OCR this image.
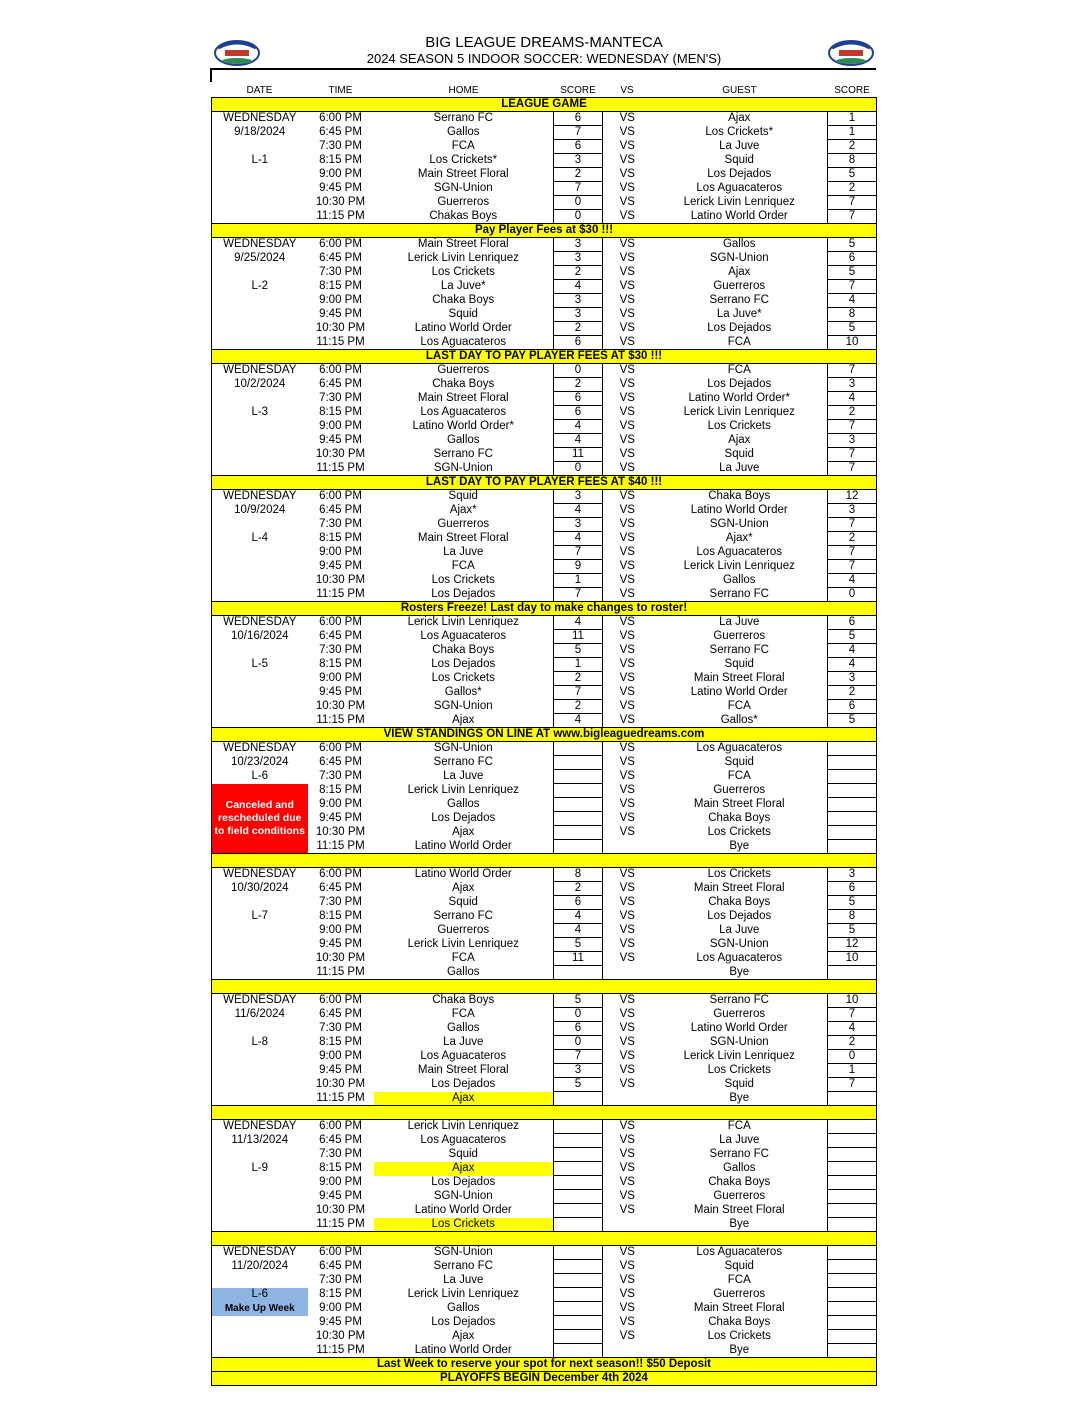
BIG LEAGUE DREAMS-MANTECA
2024 SEASON 5 INDOOR SOCCER: WEDNESDAY (MEN'S)
DATE	TIME	HOME	SCORE	VS	GUEST	SCORE
LEAGUE GAME						
WEDNESDAY	6:00 PM	Serrano FC	6	VS	Ajax	1
9/18/2024	6:45 PM	Gallos	7	VS	Los Crickets*	1
	7:30 PM	FCA	6	VS	La Juve	2
L-1	8:15 PM	Los Crickets*	3	VS	Squid	8
	9:00 PM	Main Street Floral	2	VS	Los Dejados	5
	9:45 PM	SGN-Union	7	VS	Los Aguacateros	2
	10:30 PM	Guerreros	0	VS	Lerick Livin Lenriquez	7
	11:15 PM	Chakas Boys	0	VS	Latino World Order	7
Pay Player Fees at $30 !!!						
WEDNESDAY	6:00 PM	Main Street Floral	3	VS	Gallos	5
9/25/2024	6:45 PM	Lerick Livin Lenriquez	3	VS	SGN-Union	6
	7:30 PM	Los Crickets	2	VS	Ajax	5
L-2	8:15 PM	La Juve*	4	VS	Guerreros	7
	9:00 PM	Chaka Boys	3	VS	Serrano FC	4
	9:45 PM	Squid	3	VS	La Juve*	8
	10:30 PM	Latino World Order	2	VS	Los Dejados	5
	11:15 PM	Los Aguacateros	6	VS	FCA	10
LAST DAY TO PAY PLAYER FEES AT $30 !!!						
WEDNESDAY	6:00 PM	Guerreros	0	VS	FCA	7
10/2/2024	6:45 PM	Chaka Boys	2	VS	Los Dejados	3
	7:30 PM	Main Street Floral	6	VS	Latino World Order*	4
L-3	8:15 PM	Los Aguacateros	6	VS	Lerick Livin Lenriquez	2
	9:00 PM	Latino World Order*	4	VS	Los Crickets	7
	9:45 PM	Gallos	4	VS	Ajax	3
	10:30 PM	Serrano FC	11	VS	Squid	7
	11:15 PM	SGN-Union	0	VS	La Juve	7
LAST DAY TO PAY PLAYER FEES AT $40 !!!						
WEDNESDAY	6:00 PM	Squid	3	VS	Chaka Boys	12
10/9/2024	6:45 PM	Ajax*	4	VS	Latino World Order	3
	7:30 PM	Guerreros	3	VS	SGN-Union	7
L-4	8:15 PM	Main Street Floral	4	VS	Ajax*	2
	9:00 PM	La Juve	7	VS	Los Aguacateros	7
	9:45 PM	FCA	9	VS	Lerick Livin Lenriquez	7
	10:30 PM	Los Crickets	1	VS	Gallos	4
	11:15 PM	Los Dejados	7	VS	Serrano FC	0
Rosters Freeze! Last day to make changes to roster!						
WEDNESDAY	6:00 PM	Lerick Livin Lenriquez	4	VS	La Juve	6
10/16/2024	6:45 PM	Los Aguacateros	11	VS	Guerreros	5
	7:30 PM	Chaka Boys	5	VS	Serrano FC	4
L-5	8:15 PM	Los Dejados	1	VS	Squid	4
	9:00 PM	Los Crickets	2	VS	Main Street Floral	3
	9:45 PM	Gallos*	7	VS	Latino World Order	2
	10:30 PM	SGN-Union	2	VS	FCA	6
	11:15 PM	Ajax	4	VS	Gallos*	5
VIEW STANDINGS ON LINE AT www.bigleaguedreams.com						
WEDNESDAY	6:00 PM	SGN-Union		VS	Los Aguacateros	
10/23/2024	6:45 PM	Serrano FC		VS	Squid	
L-6	7:30 PM	La Juve		VS	FCA	
Canceled and rescheduled due to field conditions	8:15 PM	Lerick Livin Lenriquez		VS	Guerreros	
	9:00 PM	Gallos		VS	Main Street Floral	
	9:45 PM	Los Dejados		VS	Chaka Boys	
	10:30 PM	Ajax		VS	Los Crickets	
	11:15 PM	Latino World Order			Bye	

WEDNESDAY	6:00 PM	Latino World Order	8	VS	Los Crickets	3
10/30/2024	6:45 PM	Ajax	2	VS	Main Street Floral	6
	7:30 PM	Squid	6	VS	Chaka Boys	5
L-7	8:15 PM	Serrano FC	4	VS	Los Dejados	8
	9:00 PM	Guerreros	4	VS	La Juve	5
	9:45 PM	Lerick Livin Lenriquez	5	VS	SGN-Union	12
	10:30 PM	FCA	11	VS	Los Aguacateros	10
	11:15 PM	Gallos			Bye	

WEDNESDAY	6:00 PM	Chaka Boys	5	VS	Serrano FC	10
11/6/2024	6:45 PM	FCA	0	VS	Guerreros	7
	7:30 PM	Gallos	6	VS	Latino World Order	4
L-8	8:15 PM	La Juve	0	VS	SGN-Union	2
	9:00 PM	Los Aguacateros	7	VS	Lerick Livin Lenriquez	0
	9:45 PM	Main Street Floral	3	VS	Los Crickets	1
	10:30 PM	Los Dejados	5	VS	Squid	7
	11:15 PM	Ajax			Bye	

WEDNESDAY	6:00 PM	Lerick Livin Lenriquez		VS	FCA	
11/13/2024	6:45 PM	Los Aguacateros		VS	La Juve	
	7:30 PM	Squid		VS	Serrano FC	
L-9	8:15 PM	Ajax		VS	Gallos	
	9:00 PM	Los Dejados		VS	Chaka Boys	
	9:45 PM	SGN-Union		VS	Guerreros	
	10:30 PM	Latino World Order		VS	Main Street Floral	
	11:15 PM	Los Crickets			Bye	

WEDNESDAY	6:00 PM	SGN-Union		VS	Los Aguacateros	
11/20/2024	6:45 PM	Serrano FC		VS	Squid	
	7:30 PM	La Juve		VS	FCA	
L-6	8:15 PM	Lerick Livin Lenriquez		VS	Guerreros	
Make Up Week	9:00 PM	Gallos		VS	Main Street Floral	
	9:45 PM	Los Dejados		VS	Chaka Boys	
	10:30 PM	Ajax		VS	Los Crickets	
	11:15 PM	Latino World Order			Bye	
Last Week to reserve your spot for next season!! $50 Deposit						
PLAYOFFS BEGIN December 4th 2024						
